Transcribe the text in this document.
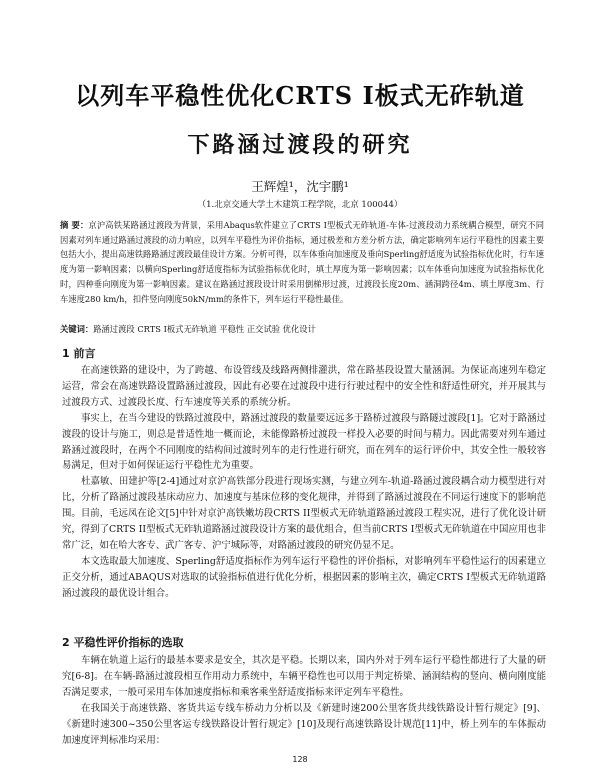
以列车平稳性优化CRTS I板式无砟轨道
下路涵过渡段的研究
王辉煌¹，沈宇鹏¹
（1.北京交通大学土木建筑工程学院，北京 100044）
摘 要：京沪高铁某路涵过渡段为背景，采用Abaqus软件建立了CRTS I型板式无砟轨道-车体-过渡段动力系统耦合模型，研究不同因素对列车通过路涵过渡段的动力响应，以列车平稳性为评价指标，通过极差和方差分析方法，确定影响列车运行平稳性的因素主要包括大小，提出高速铁路路涵过渡段最佳设计方案。分析可得，以车体垂向加速度及垂向Sperling舒适度为试验指标优化时，行车速度为第一影响因素；以横向Sperling舒适度指标为试验指标优化时，填土厚度为第一影响因素；以车体垂向加速度为试验指标优化时，四种垂向刚度为第一影响因素。建议在路涵过渡段设计时采用倒梯形过渡，过渡段长度20m、涵洞跨径4m、填土厚度3m、行车速度280 km/h，扣件竖向刚度50kN/mm的条件下，列车运行平稳性最佳。
关键词：路涵过渡段 CRTS I板式无砟轨道 平稳性 正交试验 优化设计
1 前言

在高速铁路的建设中，为了跨越、布设管线及线路两侧排灌洪，常在路基段设置大量涵洞。为保证高速列车稳定运营，常会在高速铁路设置路涵过渡段，因此有必要在过渡段中进行行驶过程中的安全性和舒适性研究，并开展其与过渡段方式、过渡段长度、行车速度等关系的系统分析。

事实上，在当今建设的铁路过渡段中，路涵过渡段的数量要远远多于路桥过渡段与路隧过渡段[1]。它对于路涵过渡段的设计与施工，则总是普适性地一概而论，未能像路桥过渡段一样投入必要的时间与精力。因此需要对列车通过路涵过渡段时，在两个不同刚度的结构间过渡时列车的走行性进行研究，而在列车的运行评价中，其安全性一般较容易满足，但对于如何保证运行平稳性尤为重要。

杜嘉敏、田建护等[2-4]通过对京沪高铁部分段进行现场实测，与建立列车-轨道-路涵过渡段耦合动力模型进行对比，分析了路涵过渡段基床动应力、加速度与基床位移的变化规律，并得到了路涵过渡段在不同运行速度下的影响范围。目前，毛远凤在论文[5]中针对京沪高铁嫩坊段CRTS II型板式无砟轨道路涵过渡段工程实况，进行了优化设计研究，得到了CRTS II型板式无砟轨道路涵过渡段设计方案的最优组合，但当前CRTS I型板式无砟轨道在中国应用也非常广泛，如在哈大客专、武广客专、沪宁城际等，对路涵过渡段的研究仍显不足。

本文选取最大加速度、Sperling舒适度指标作为列车运行平稳性的评价指标，对影响列车平稳性运行的因素建立正交分析，通过ABAQUS对选取的试验指标值进行优化分析，根据因素的影响主次，确定CRTS I型板式无砟轨道路涵过渡段的最优设计组合。

2 平稳性评价指标的选取

车辆在轨道上运行的最基本要求是安全，其次是平稳。长期以来，国内外对于列车运行平稳性都进行了大量的研究[6-8]。在车辆-路涵过渡段相互作用动力系统中，车辆平稳性也可以用于判定桥梁、涵洞结构的竖向、横向刚度能否满足要求，一般可采用车体加速度指标和乘客乘坐舒适度指标来评定列车平稳性。

在我国关于高速铁路、客货共运专线车桥动力分析以及《新建时速200公里客货共线铁路设计暂行规定》[9]、《新建时速300~350公里客运专线铁路设计暂行规定》[10]及现行高速铁路设计规范[11]中，桥上列车的车体振动加速度评判标准均采用：

128
